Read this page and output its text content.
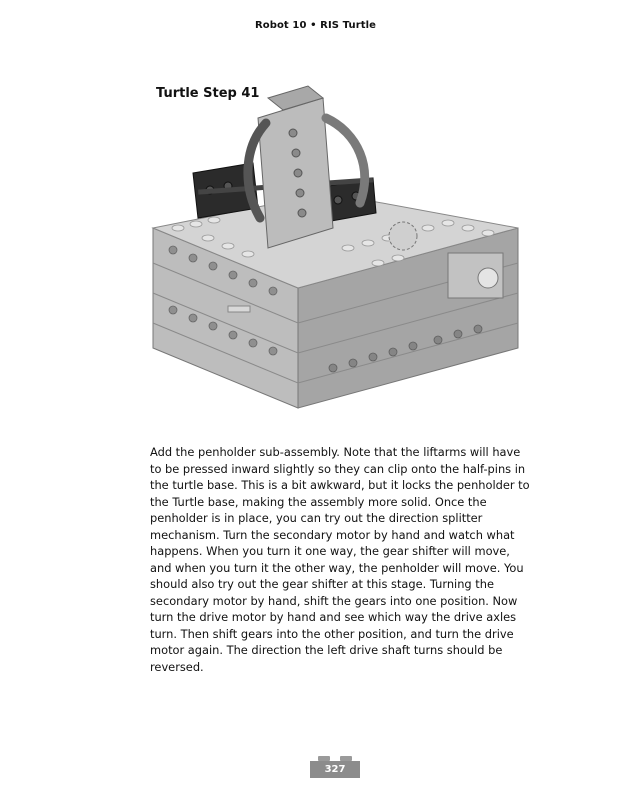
Robot 10 • RIS Turtle
Turtle Step 41

Add the penholder sub-assembly. Note that the liftarms will have to be pressed inward slightly so they can clip onto the half-pins in the turtle base. This is a bit awkward, but it locks the penholder to the Turtle base, making the assembly more solid. Once the penholder is in place, you can try out the direction splitter mechanism. Turn the secondary motor by hand and watch what happens. When you turn it one way, the gear shifter will move, and when you turn it the other way, the penholder will move. You should also try out the gear shifter at this stage. Turning the secondary motor by hand, shift the gears into one position. Now turn the drive motor by hand and see which way the drive axles turn. Then shift gears into the other position, and turn the drive motor again. The direction the left drive shaft turns should be reversed.

327
